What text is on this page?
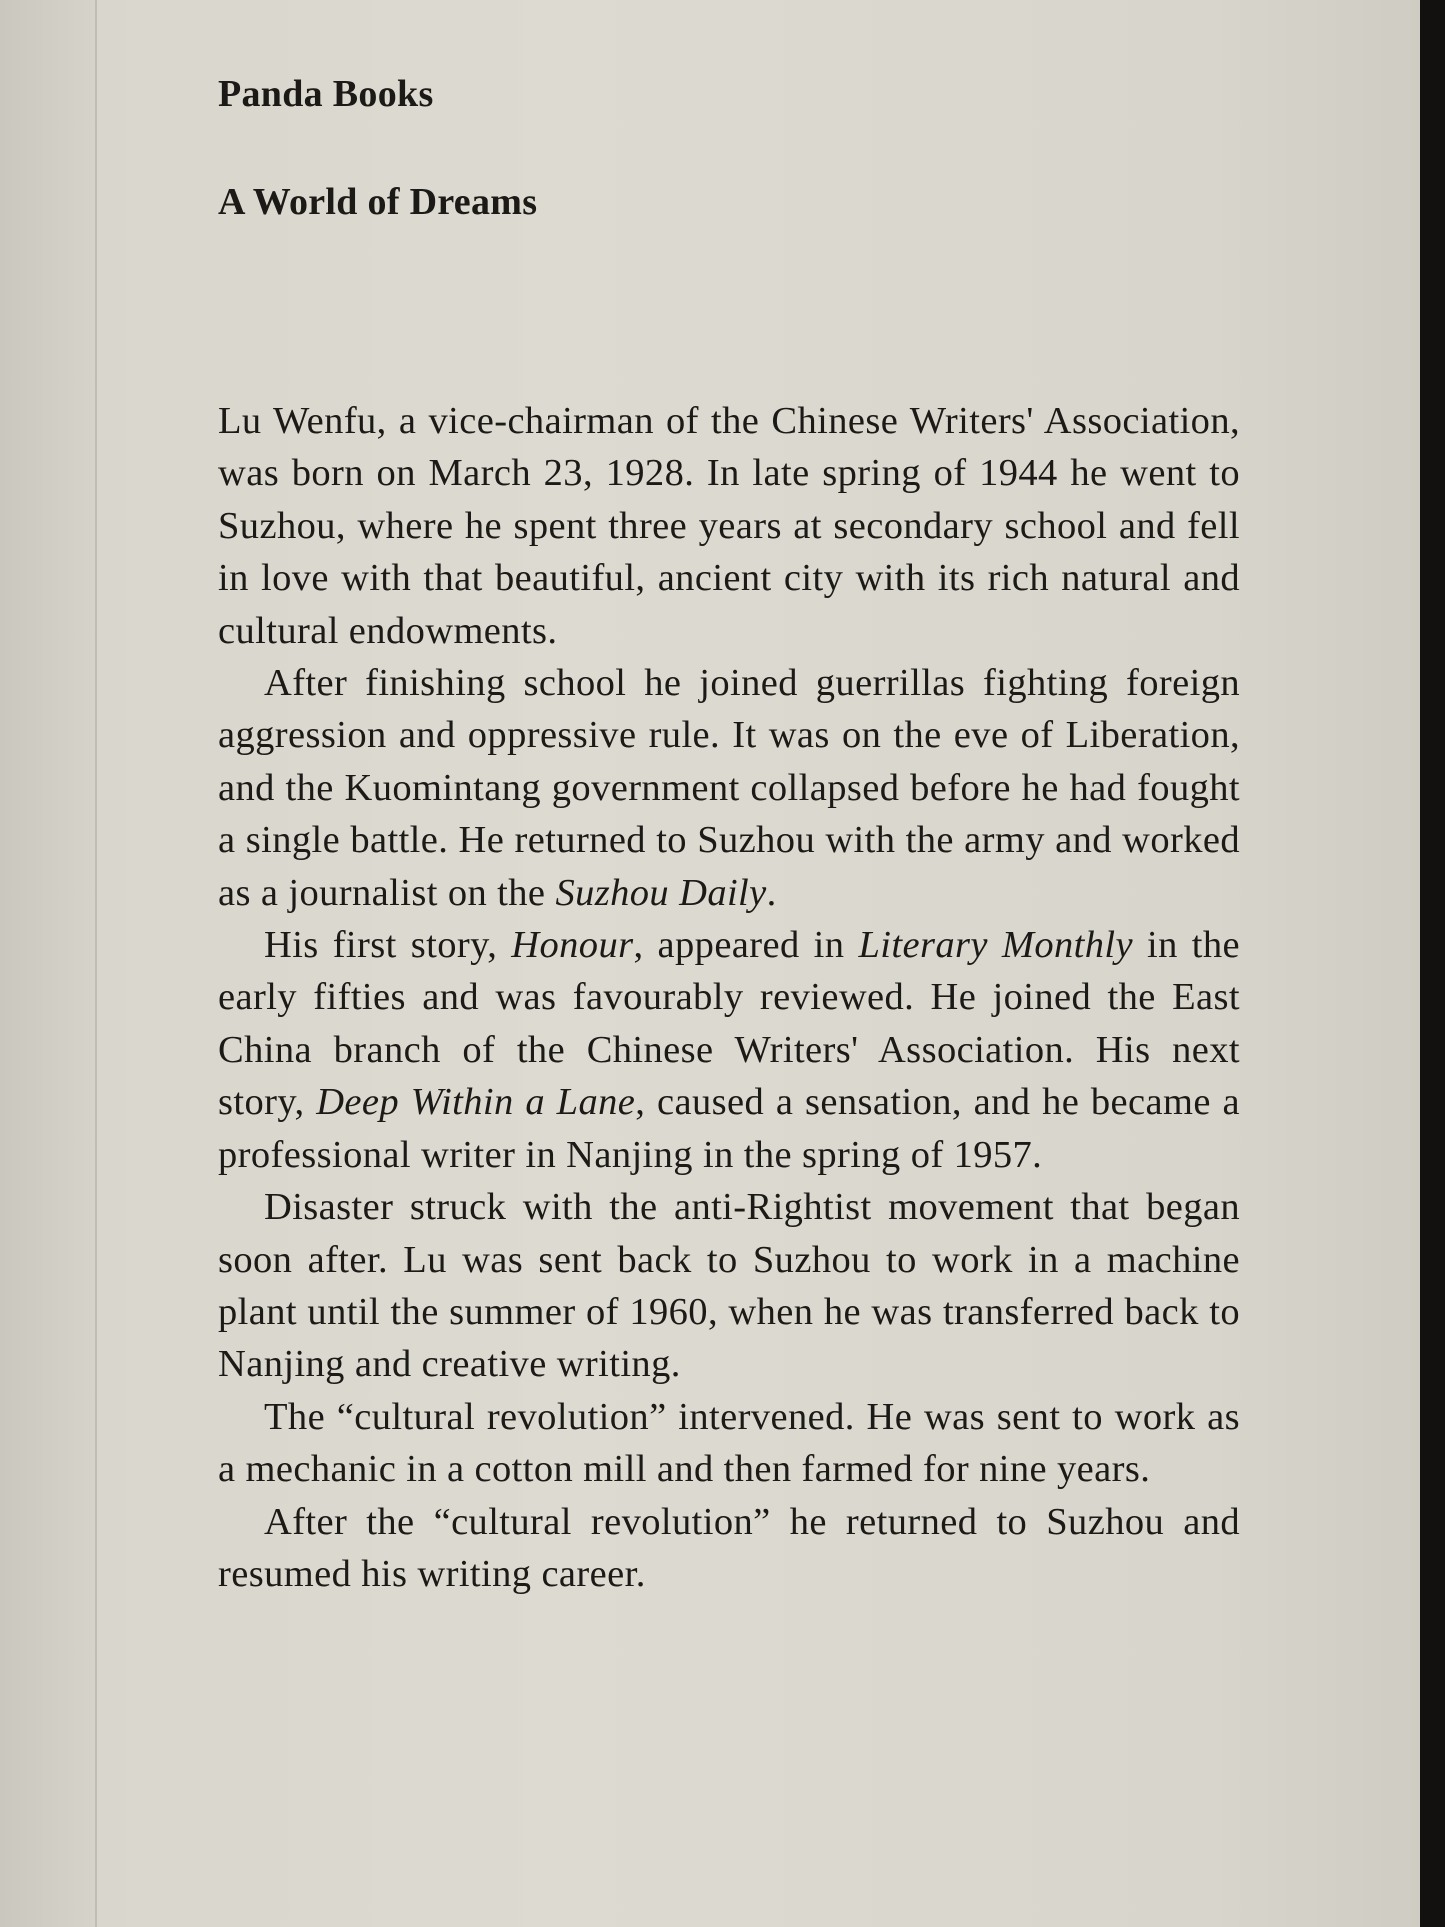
Panda Books
A World of Dreams

Lu Wenfu, a vice-chairman of the Chinese Writers' Association, was born on March 23, 1928. In late spring of 1944 he went to Suzhou, where he spent three years at secondary school and fell in love with that beautiful, ancient city with its rich natural and cultural endowments.

After finishing school he joined guerrillas fighting foreign aggression and oppressive rule. It was on the eve of Liberation, and the Kuomintang government collapsed before he had fought a single battle. He returned to Suzhou with the army and worked as a journalist on the Suzhou Daily.

His first story, Honour, appeared in Literary Monthly in the early fifties and was favourably reviewed. He joined the East China branch of the Chinese Writers' Association. His next story, Deep Within a Lane, caused a sensation, and he became a professional writer in Nanjing in the spring of 1957.

Disaster struck with the anti-Rightist movement that began soon after. Lu was sent back to Suzhou to work in a machine plant until the summer of 1960, when he was transferred back to Nanjing and creative writing.

The “cultural revolution” intervened. He was sent to work as a mechanic in a cotton mill and then farmed for nine years.

After the “cultural revolution” he returned to Suzhou and resumed his writing career.
